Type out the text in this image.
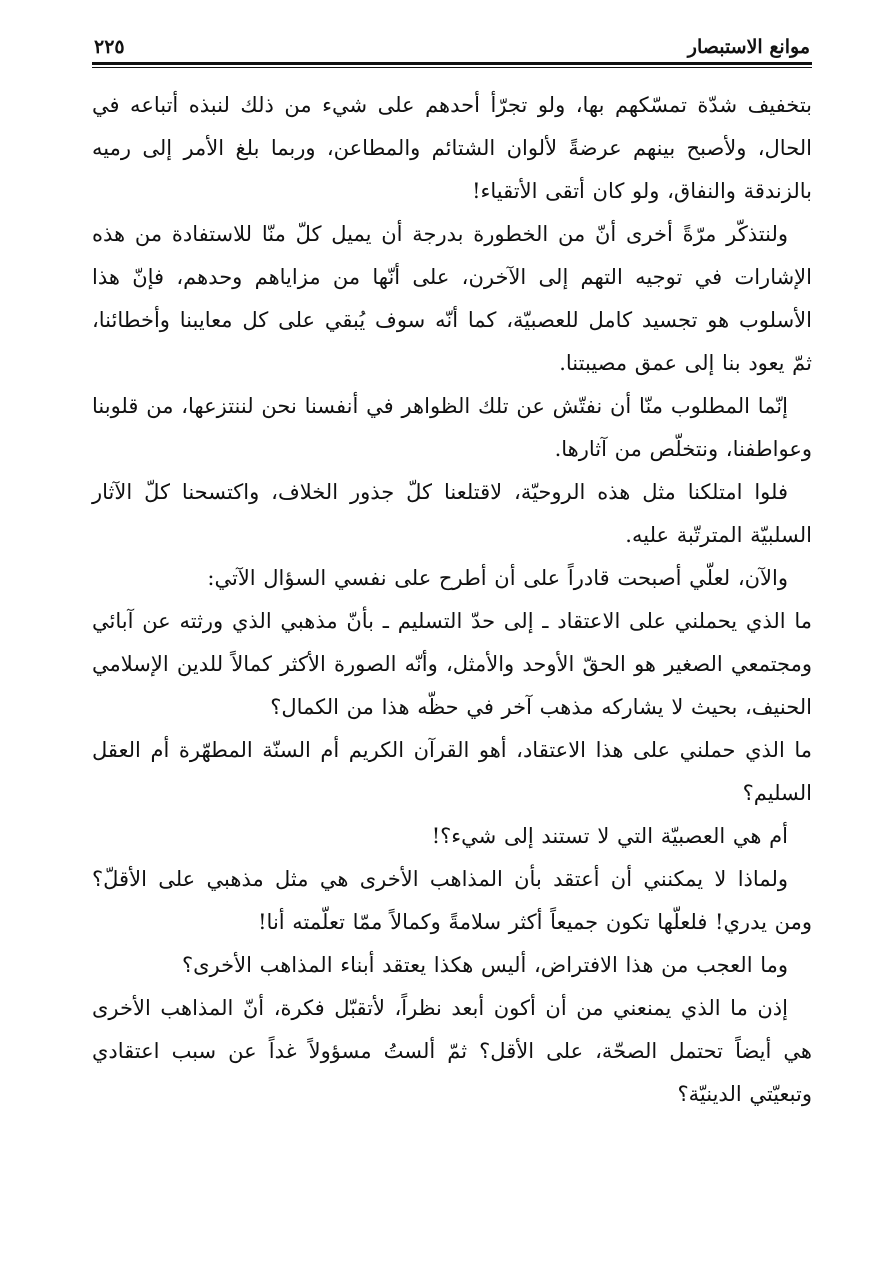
موانع الاستبصار
٢٢٥

بتخفيف شدّة تمسّكهم بها، ولو تجرّأ أحدهم على شيء من ذلك لنبذه أتباعه في الحال، ولأصبح بينهم عرضةً لألوان الشتائم والمطاعن، وربما بلغ الأمر إلى رميه بالزندقة والنفاق، ولو كان أتقى الأتقياء!

ولنتذكّر مرّةً أخرى أنّ من الخطورة بدرجة أن يميل كلّ منّا للاستفادة من هذه الإشارات في توجيه التهم إلى الآخرن، على أنّها من مزاياهم وحدهم، فإنّ هذا الأسلوب هو تجسيد كامل للعصبيّة، كما أنّه سوف يُبقي على كل معايبنا وأخطائنا، ثمّ يعود بنا إلى عمق مصيبتنا.

إنّما المطلوب منّا أن نفتّش عن تلك الظواهر في أنفسنا نحن لننتزعها، من قلوبنا وعواطفنا، ونتخلّص من آثارها.

فلوا امتلكنا مثل هذه الروحيّة، لاقتلعنا كلّ جذور الخلاف، واكتسحنا كلّ الآثار السلبيّة المترتّبة عليه.

والآن، لعلّي أصبحت قادراً على أن أطرح على نفسي السؤال الآتي:

ما الذي يحملني على الاعتقاد ـ إلى حدّ التسليم ـ بأنّ مذهبي الذي ورثته عن آبائي ومجتمعي الصغير هو الحقّ الأوحد والأمثل، وأنّه الصورة الأكثر كمالاً للدين الإسلامي الحنيف، بحيث لا يشاركه مذهب آخر في حظّه هذا من الكمال؟

ما الذي حملني على هذا الاعتقاد، أهو القرآن الكريم أم السنّة المطهّرة أم العقل السليم؟

أم هي العصبيّة التي لا تستند إلى شيء؟!

ولماذا لا يمكنني أن أعتقد بأن المذاهب الأخرى هي مثل مذهبي على الأقلّ؟ ومن يدري! فلعلّها تكون جميعاً أكثر سلامةً وكمالاً ممّا تعلّمته أنا!

وما العجب من هذا الافتراض، أليس هكذا يعتقد أبناء المذاهب الأخرى؟

إذن ما الذي يمنعني من أن أكون أبعد نظراً، لأتقبّل فكرة، أنّ المذاهب الأخرى هي أيضاً تحتمل الصحّة، على الأقل؟ ثمّ ألستُ مسؤولاً غداً عن سبب اعتقادي وتبعيّتي الدينيّة؟
